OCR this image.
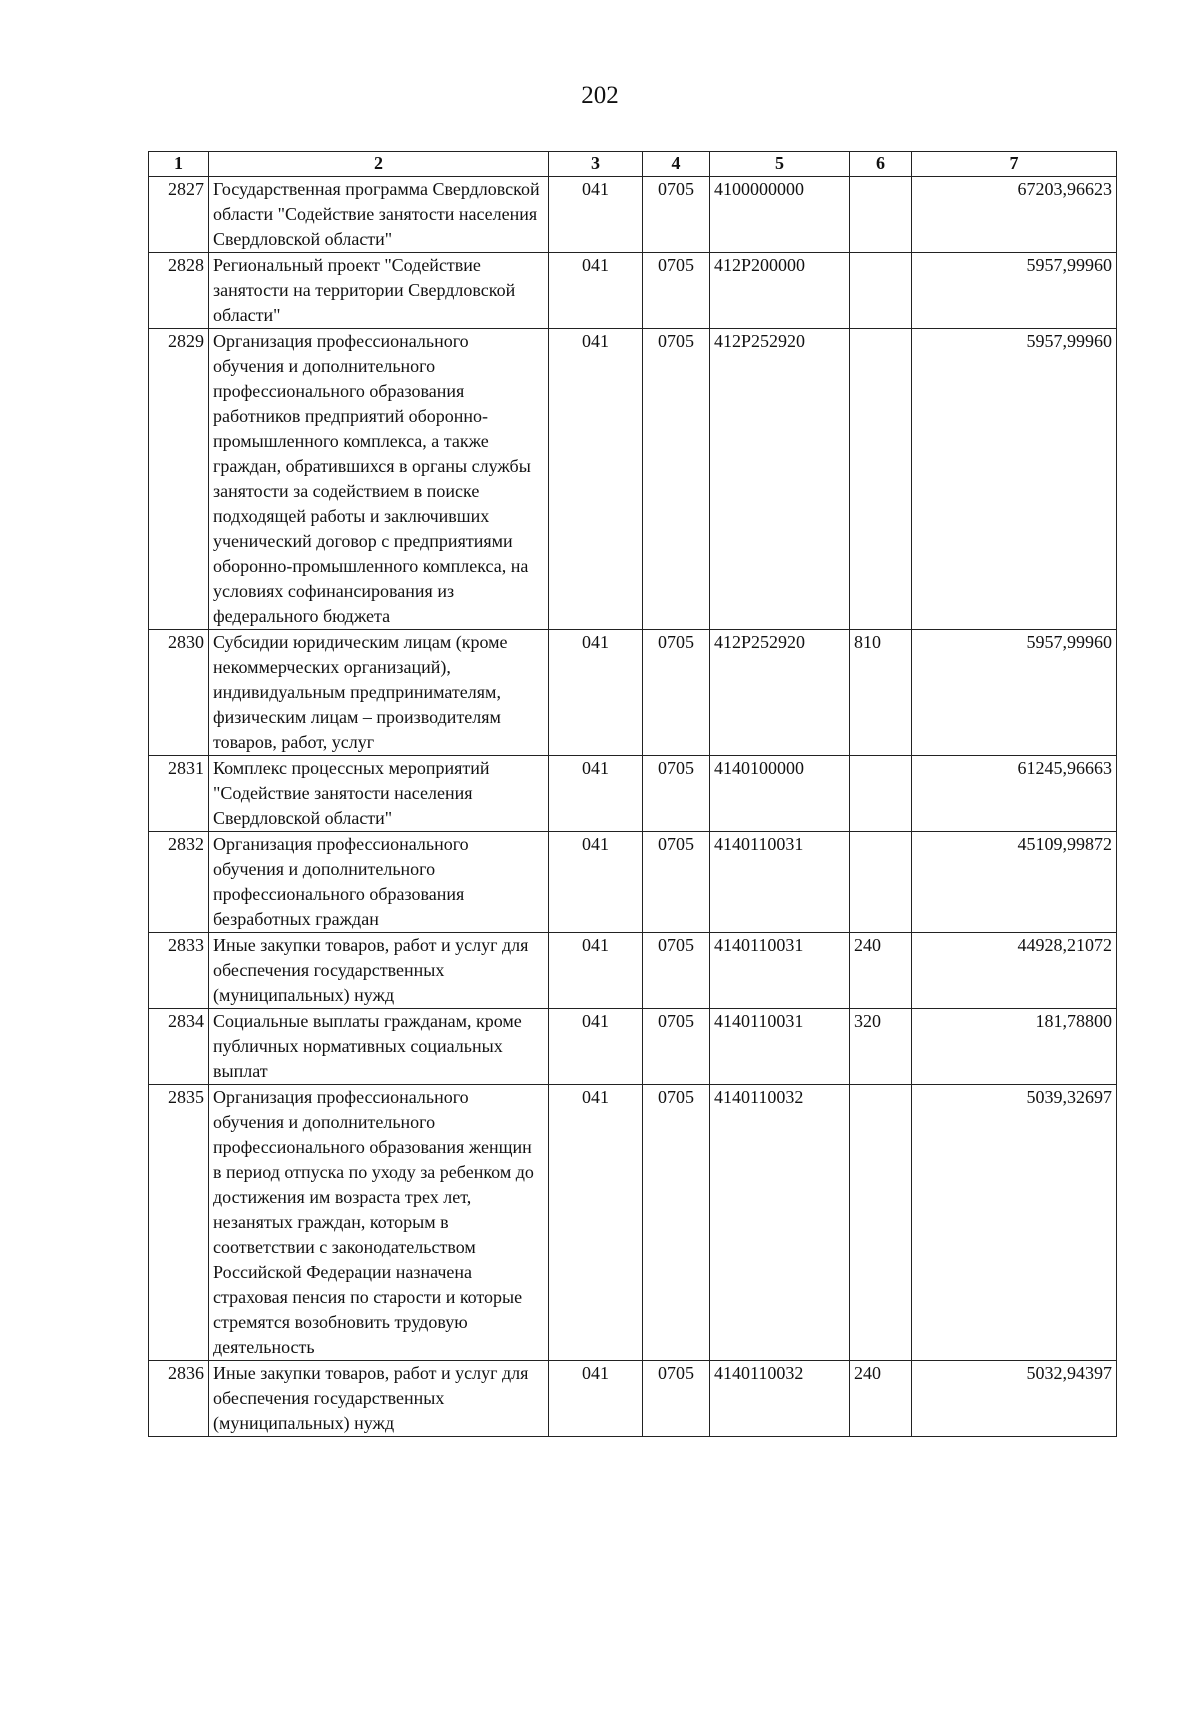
202
1	2	3	4	5	6	7
2827	Государственная программа Свердловской области "Содействие занятости населения Свердловской области"	041	0705	4100000000		67203,96623
2828	Региональный проект "Содействие занятости на территории Свердловской области"	041	0705	412P200000		5957,99960
2829	Организация профессионального обучения и дополнительного профессионального образования работников предприятий оборонно-промышленного комплекса, а также граждан, обратившихся в органы службы занятости за содействием в поиске подходящей работы и заключивших ученический договор с предприятиями оборонно-промышленного комплекса, на условиях софинансирования из федерального бюджета	041	0705	412P252920		5957,99960
2830	Субсидии юридическим лицам (кроме некоммерческих организаций), индивидуальным предпринимателям, физическим лицам – производителям товаров, работ, услуг	041	0705	412P252920	810	5957,99960
2831	Комплекс процессных мероприятий "Содействие занятости населения Свердловской области"	041	0705	4140100000		61245,96663
2832	Организация профессионального обучения и дополнительного профессионального образования безработных граждан	041	0705	4140110031		45109,99872
2833	Иные закупки товаров, работ и услуг для обеспечения государственных (муниципальных) нужд	041	0705	4140110031	240	44928,21072
2834	Социальные выплаты гражданам, кроме публичных нормативных социальных выплат	041	0705	4140110031	320	181,78800
2835	Организация профессионального обучения и дополнительного профессионального образования женщин в период отпуска по уходу за ребенком до достижения им возраста трех лет, незанятых граждан, которым в соответствии с законодательством Российской Федерации назначена страховая пенсия по старости и которые стремятся возобновить трудовую деятельность	041	0705	4140110032		5039,32697
2836	Иные закупки товаров, работ и услуг для обеспечения государственных (муниципальных) нужд	041	0705	4140110032	240	5032,94397
